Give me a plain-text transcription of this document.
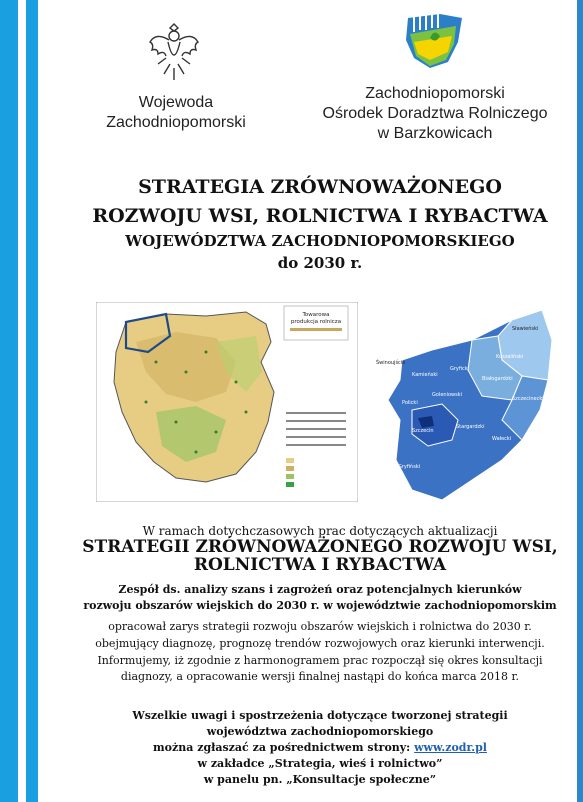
Wojewoda
Zachodniopomorski
Zachodniopomorski
Ośrodek Doradztwa Rolniczego
w Barzkowicach
STRATEGIA ZRÓWNOWAŻONEGO
ROZWOJU WSI, ROLNICTWA I RYBACTWA
WOJEWÓDZTWA ZACHODNIOPOMORSKIEGO
do 2030 r.
Towarowa
produkcja rolnicza
Świnoujście
Kamieński
Gryficki
Policki
Goleniowski
Szczecin
Stargardzki
Gryfiński
Koszaliński
Sławieński
Białogardzki
Szczecinecki
Wałecki
W ramach dotychczasowych prac dotyczących aktualizacji
STRATEGII ZRÓWNOWAŻONEGO ROZWOJU WSI,
ROLNICTWA I RYBACTWA
Zespół ds. analizy szans i zagrożeń oraz potencjalnych kierunków
rozwoju obszarów wiejskich do 2030 r. w województwie zachodniopomorskim
opracował zarys strategii rozwoju obszarów wiejskich i rolnictwa do 2030 r.
obejmujący diagnozę, prognozę trendów rozwojowych oraz kierunki interwencji.
Informujemy, iż zgodnie z harmonogramem prac rozpoczął się okres konsultacji
diagnozy, a opracowanie wersji finalnej nastąpi do końca marca 2018 r.
Wszelkie uwagi i spostrzeżenia dotyczące tworzonej strategii
województwa zachodniopomorskiego
można zgłaszać za pośrednictwem strony: www.zodr.pl
w zakładce „Strategia, wieś i rolnictwo”
w panelu pn. „Konsultacje społeczne”
